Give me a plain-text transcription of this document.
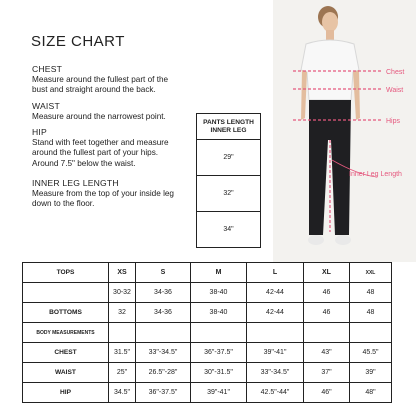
SIZE CHART
CHEST
Measure around the fullest part of the bust and straight around the back.
WAIST
Measure around the narrowest point.
HIP
Stand with feet together and measure around the fullest part of your hips. Around 7.5" below the waist.
INNER LEG LENGTH
Measure from the top of your inside leg down to the floor.
PANTS LENGTH INNER LEG
29"
32"
34"
Chest
Waist
Hips
Inner Leg Length
TOPS	XS	S	M	L	XL	XXL
	30-32	34-36	38-40	42-44	46	48
BOTTOMS	32	34-36	38-40	42-44	46	48
BODY MEASUREMENTS						
CHEST	31.5"	33"-34.5"	36"-37.5"	39"-41"	43"	45.5"
WAIST	25"	26.5"-28"	30"-31.5"	33"-34.5"	37"	39"
HIP	34.5"	36"-37.5"	39"-41"	42.5"-44"	46"	48"
